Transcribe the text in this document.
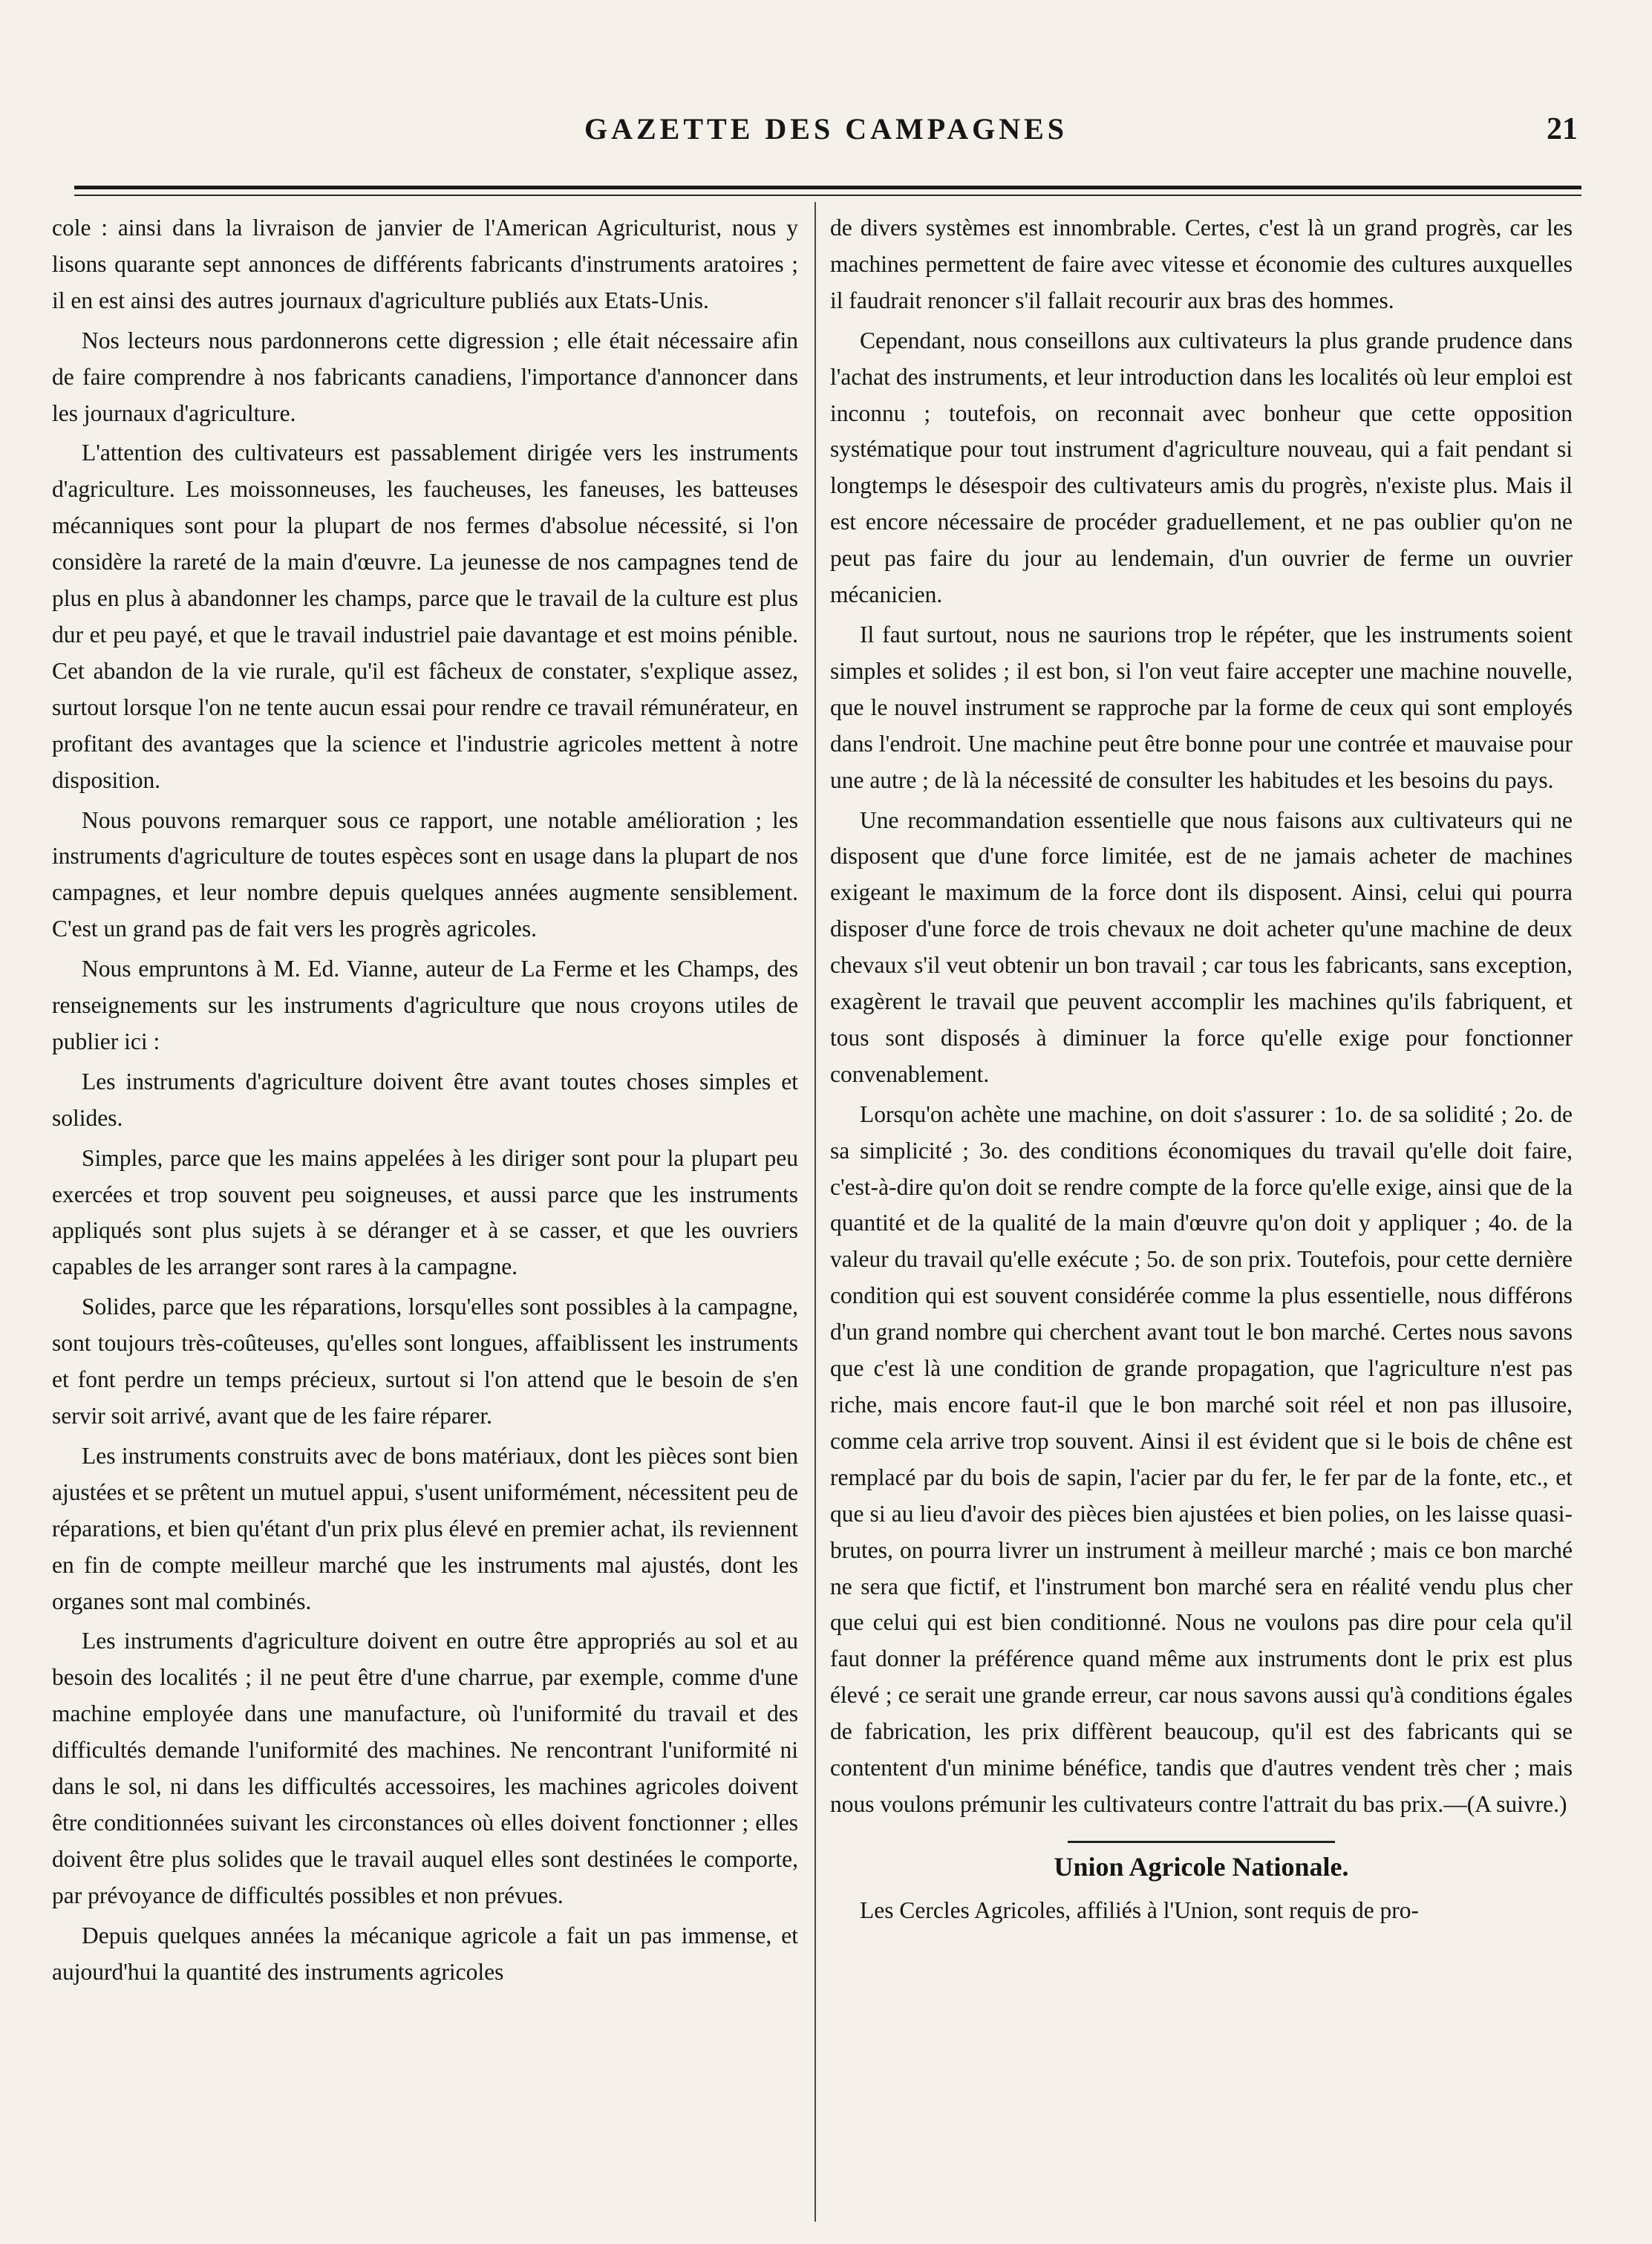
GAZETTE DES CAMPAGNES	21

cole : ainsi dans la livraison de janvier de l'American Agriculturist, nous y lisons quarante sept annonces de différents fabricants d'instruments aratoires ; il en est ainsi des autres journaux d'agriculture publiés aux Etats-Unis.

Nos lecteurs nous pardonnerons cette digression ; elle était nécessaire afin de faire comprendre à nos fabricants canadiens, l'importance d'annoncer dans les journaux d'agriculture.

L'attention des cultivateurs est passablement dirigée vers les instruments d'agriculture. Les moissonneuses, les faucheuses, les faneuses, les batteuses mécanniques sont pour la plupart de nos fermes d'absolue nécessité, si l'on considère la rareté de la main d'œuvre. La jeunesse de nos campagnes tend de plus en plus à abandonner les champs, parce que le travail de la culture est plus dur et peu payé, et que le travail industriel paie davantage et est moins pénible. Cet abandon de la vie rurale, qu'il est fâcheux de constater, s'explique assez, surtout lorsque l'on ne tente aucun essai pour rendre ce travail rémunérateur, en profitant des avantages que la science et l'industrie agricoles mettent à notre disposition.

Nous pouvons remarquer sous ce rapport, une notable amélioration ; les instruments d'agriculture de toutes espèces sont en usage dans la plupart de nos campagnes, et leur nombre depuis quelques années augmente sensiblement. C'est un grand pas de fait vers les progrès agricoles.

Nous empruntons à M. Ed. Vianne, auteur de La Ferme et les Champs, des renseignements sur les instruments d'agriculture que nous croyons utiles de publier ici :

Les instruments d'agriculture doivent être avant toutes choses simples et solides.

Simples, parce que les mains appelées à les diriger sont pour la plupart peu exercées et trop souvent peu soigneuses, et aussi parce que les instruments appliqués sont plus sujets à se déranger et à se casser, et que les ouvriers capables de les arranger sont rares à la campagne.

Solides, parce que les réparations, lorsqu'elles sont possibles à la campagne, sont toujours très-coûteuses, qu'elles sont longues, affaiblissent les instruments et font perdre un temps précieux, surtout si l'on attend que le besoin de s'en servir soit arrivé, avant que de les faire réparer.

Les instruments construits avec de bons matériaux, dont les pièces sont bien ajustées et se prêtent un mutuel appui, s'usent uniformément, nécessitent peu de réparations, et bien qu'étant d'un prix plus élevé en premier achat, ils reviennent en fin de compte meilleur marché que les instruments mal ajustés, dont les organes sont mal combinés.

Les instruments d'agriculture doivent en outre être appropriés au sol et au besoin des localités ; il ne peut être d'une charrue, par exemple, comme d'une machine employée dans une manufacture, où l'uniformité du travail et des difficultés demande l'uniformité des machines. Ne rencontrant l'uniformité ni dans le sol, ni dans les difficultés accessoires, les machines agricoles doivent être conditionnées suivant les circonstances où elles doivent fonctionner ; elles doivent être plus solides que le travail auquel elles sont destinées le comporte, par prévoyance de difficultés possibles et non prévues.

Depuis quelques années la mécanique agricole a fait un pas immense, et aujourd'hui la quantité des instruments agricoles

de divers systèmes est innombrable. Certes, c'est là un grand progrès, car les machines permettent de faire avec vitesse et économie des cultures auxquelles il faudrait renoncer s'il fallait recourir aux bras des hommes.

Cependant, nous conseillons aux cultivateurs la plus grande prudence dans l'achat des instruments, et leur introduction dans les localités où leur emploi est inconnu ; toutefois, on reconnait avec bonheur que cette opposition systématique pour tout instrument d'agriculture nouveau, qui a fait pendant si longtemps le désespoir des cultivateurs amis du progrès, n'existe plus. Mais il est encore nécessaire de procéder graduellement, et ne pas oublier qu'on ne peut pas faire du jour au lendemain, d'un ouvrier de ferme un ouvrier mécanicien.

Il faut surtout, nous ne saurions trop le répéter, que les instruments soient simples et solides ; il est bon, si l'on veut faire accepter une machine nouvelle, que le nouvel instrument se rapproche par la forme de ceux qui sont employés dans l'endroit. Une machine peut être bonne pour une contrée et mauvaise pour une autre ; de là la nécessité de consulter les habitudes et les besoins du pays.

Une recommandation essentielle que nous faisons aux cultivateurs qui ne disposent que d'une force limitée, est de ne jamais acheter de machines exigeant le maximum de la force dont ils disposent. Ainsi, celui qui pourra disposer d'une force de trois chevaux ne doit acheter qu'une machine de deux chevaux s'il veut obtenir un bon travail ; car tous les fabricants, sans exception, exagèrent le travail que peuvent accomplir les machines qu'ils fabriquent, et tous sont disposés à diminuer la force qu'elle exige pour fonctionner convenablement.

Lorsqu'on achète une machine, on doit s'assurer : 1o. de sa solidité ; 2o. de sa simplicité ; 3o. des conditions économiques du travail qu'elle doit faire, c'est-à-dire qu'on doit se rendre compte de la force qu'elle exige, ainsi que de la quantité et de la qualité de la main d'œuvre qu'on doit y appliquer ; 4o. de la valeur du travail qu'elle exécute ; 5o. de son prix. Toutefois, pour cette dernière condition qui est souvent considérée comme la plus essentielle, nous différons d'un grand nombre qui cherchent avant tout le bon marché. Certes nous savons que c'est là une condition de grande propagation, que l'agriculture n'est pas riche, mais encore faut-il que le bon marché soit réel et non pas illusoire, comme cela arrive trop souvent. Ainsi il est évident que si le bois de chêne est remplacé par du bois de sapin, l'acier par du fer, le fer par de la fonte, etc., et que si au lieu d'avoir des pièces bien ajustées et bien polies, on les laisse quasi-brutes, on pourra livrer un instrument à meilleur marché ; mais ce bon marché ne sera que fictif, et l'instrument bon marché sera en réalité vendu plus cher que celui qui est bien conditionné. Nous ne voulons pas dire pour cela qu'il faut donner la préférence quand même aux instruments dont le prix est plus élevé ; ce serait une grande erreur, car nous savons aussi qu'à conditions égales de fabrication, les prix diffèrent beaucoup, qu'il est des fabricants qui se contentent d'un minime bénéfice, tandis que d'autres vendent très cher ; mais nous voulons prémunir les cultivateurs contre l'attrait du bas prix.—(A suivre.)

Union Agricole Nationale.

Les Cercles Agricoles, affiliés à l'Union, sont requis de pro-
